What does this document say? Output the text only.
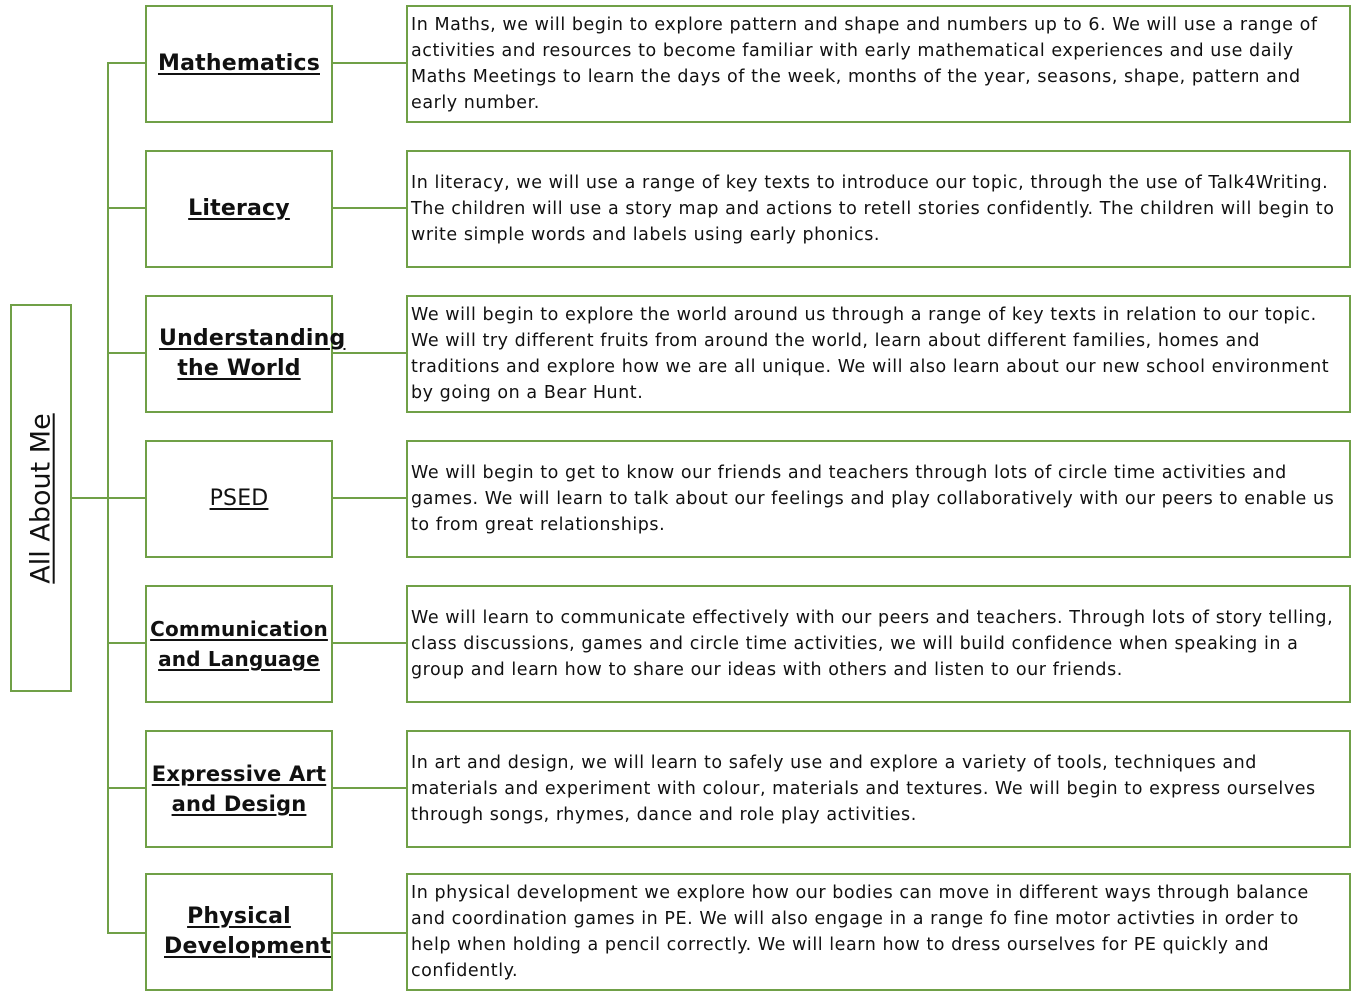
All About Me
Mathematics
In Maths, we will begin to explore pattern and shape and numbers up to 6. We will use a range of activities and resources to become familiar with early mathematical experiences and use daily Maths Meetings to learn the days of the week, months of the year, seasons, shape, pattern and early number.
Literacy
In literacy, we will use a range of key texts to introduce our topic, through the use of Talk4Writing. The children will use a story map and actions to retell stories confidently. The children will begin to write simple words and labels using early phonics.
Understanding the World
We will begin to explore the world around us through a range of key texts in relation to our topic. We will try different fruits from around the world, learn about different families, homes and traditions and explore how we are all unique. We will also learn about our new school environment by going on a Bear Hunt.
PSED
We will begin to get to know our friends and teachers through lots of circle time activities and games. We will learn to talk about our feelings and play collaboratively with our peers to enable us to from great relationships.
Communication and Language
We will learn to communicate effectively with our peers and teachers. Through lots of story telling, class discussions, games and circle time activities, we will build confidence when speaking in a group and learn how to share our ideas with others and listen to our friends.
Expressive Art and Design
In art and design, we will learn to safely use and explore a variety of tools, techniques and materials and experiment with colour, materials and textures. We will begin to express ourselves through songs, rhymes, dance and role play activities.
Physical Development
In physical development we explore how our bodies can move in different ways through balance and coordination games in PE. We will also engage in a range fo fine motor activties in order to help when holding a pencil correctly. We will learn how to dress ourselves for PE quickly and confidently.
